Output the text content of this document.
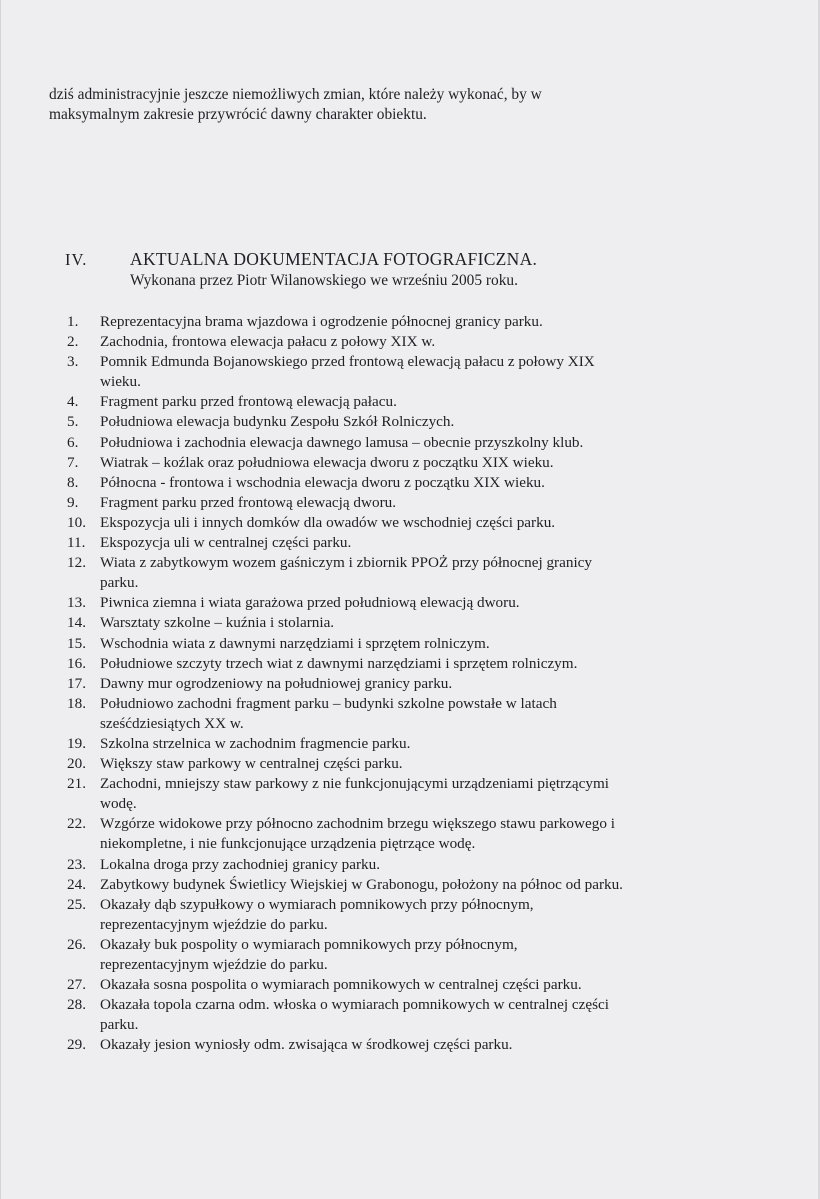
dziś administracyjnie jeszcze niemożliwych zmian, które należy wykonać, by w

maksymalnym zakresie przywrócić dawny charakter obiektu.

IV. AKTUALNA DOKUMENTACJA FOTOGRAFICZNA.
Wykonana przez Piotr Wilanowskiego we wrześniu 2005 roku.
1.	Reprezentacyjna brama wjazdowa i ogrodzenie północnej granicy parku.
2.	Zachodnia, frontowa elewacja pałacu z połowy XIX w.
3.	Pomnik Edmunda Bojanowskiego przed frontową elewacją pałacu z połowy XIX
wieku.
4.	Fragment parku przed frontową elewacją pałacu.
5.	Południowa elewacja budynku Zespołu Szkół Rolniczych.
6.	Południowa i zachodnia elewacja dawnego lamusa – obecnie przyszkolny klub.
7.	Wiatrak – koźlak oraz południowa elewacja dworu z początku XIX wieku.
8.	Północna - frontowa i wschodnia elewacja dworu z początku XIX wieku.
9.	Fragment parku przed frontową elewacją dworu.
10. Ekspozycja uli i innych domków dla owadów we wschodniej części parku.
11. Ekspozycja uli w centralnej części parku.
12. Wiata z zabytkowym wozem gaśniczym i zbiornik PPOŻ przy północnej granicy
parku.
13. Piwnica ziemna i wiata garażowa przed południową elewacją dworu.
14. Warsztaty szkolne – kuźnia i stolarnia.
15. Wschodnia wiata z dawnymi narzędziami i sprzętem rolniczym.
16. Południowe szczyty trzech wiat z dawnymi narzędziami i sprzętem rolniczym.
17. Dawny mur ogrodzeniowy na południowej granicy parku.
18. Południowo zachodni fragment parku – budynki szkolne powstałe w latach
sześćdziesiątych XX w.
19. Szkolna strzelnica w zachodnim fragmencie parku.
20. Większy staw parkowy w centralnej części parku.
21. Zachodni, mniejszy staw parkowy z nie funkcjonującymi urządzeniami piętrzącymi
wodę.
22. Wzgórze widokowe przy północno zachodnim brzegu większego stawu parkowego i
niekompletne, i nie funkcjonujące urządzenia piętrzące wodę.
23. Lokalna droga przy zachodniej granicy parku.
24. Zabytkowy budynek Świetlicy Wiejskiej w Grabonogu, położony na północ od parku.
25. Okazały dąb szypułkowy o wymiarach pomnikowych przy północnym,
reprezentacyjnym wjeździe do parku.
26. Okazały buk pospolity o wymiarach pomnikowych przy północnym,
reprezentacyjnym wjeździe do parku.
27. Okazała sosna pospolita o wymiarach pomnikowych w centralnej części parku.
28. Okazała topola czarna odm. włoska o wymiarach pomnikowych w centralnej części
parku.
29. Okazały jesion wyniosły odm. zwisająca w środkowej części parku.
